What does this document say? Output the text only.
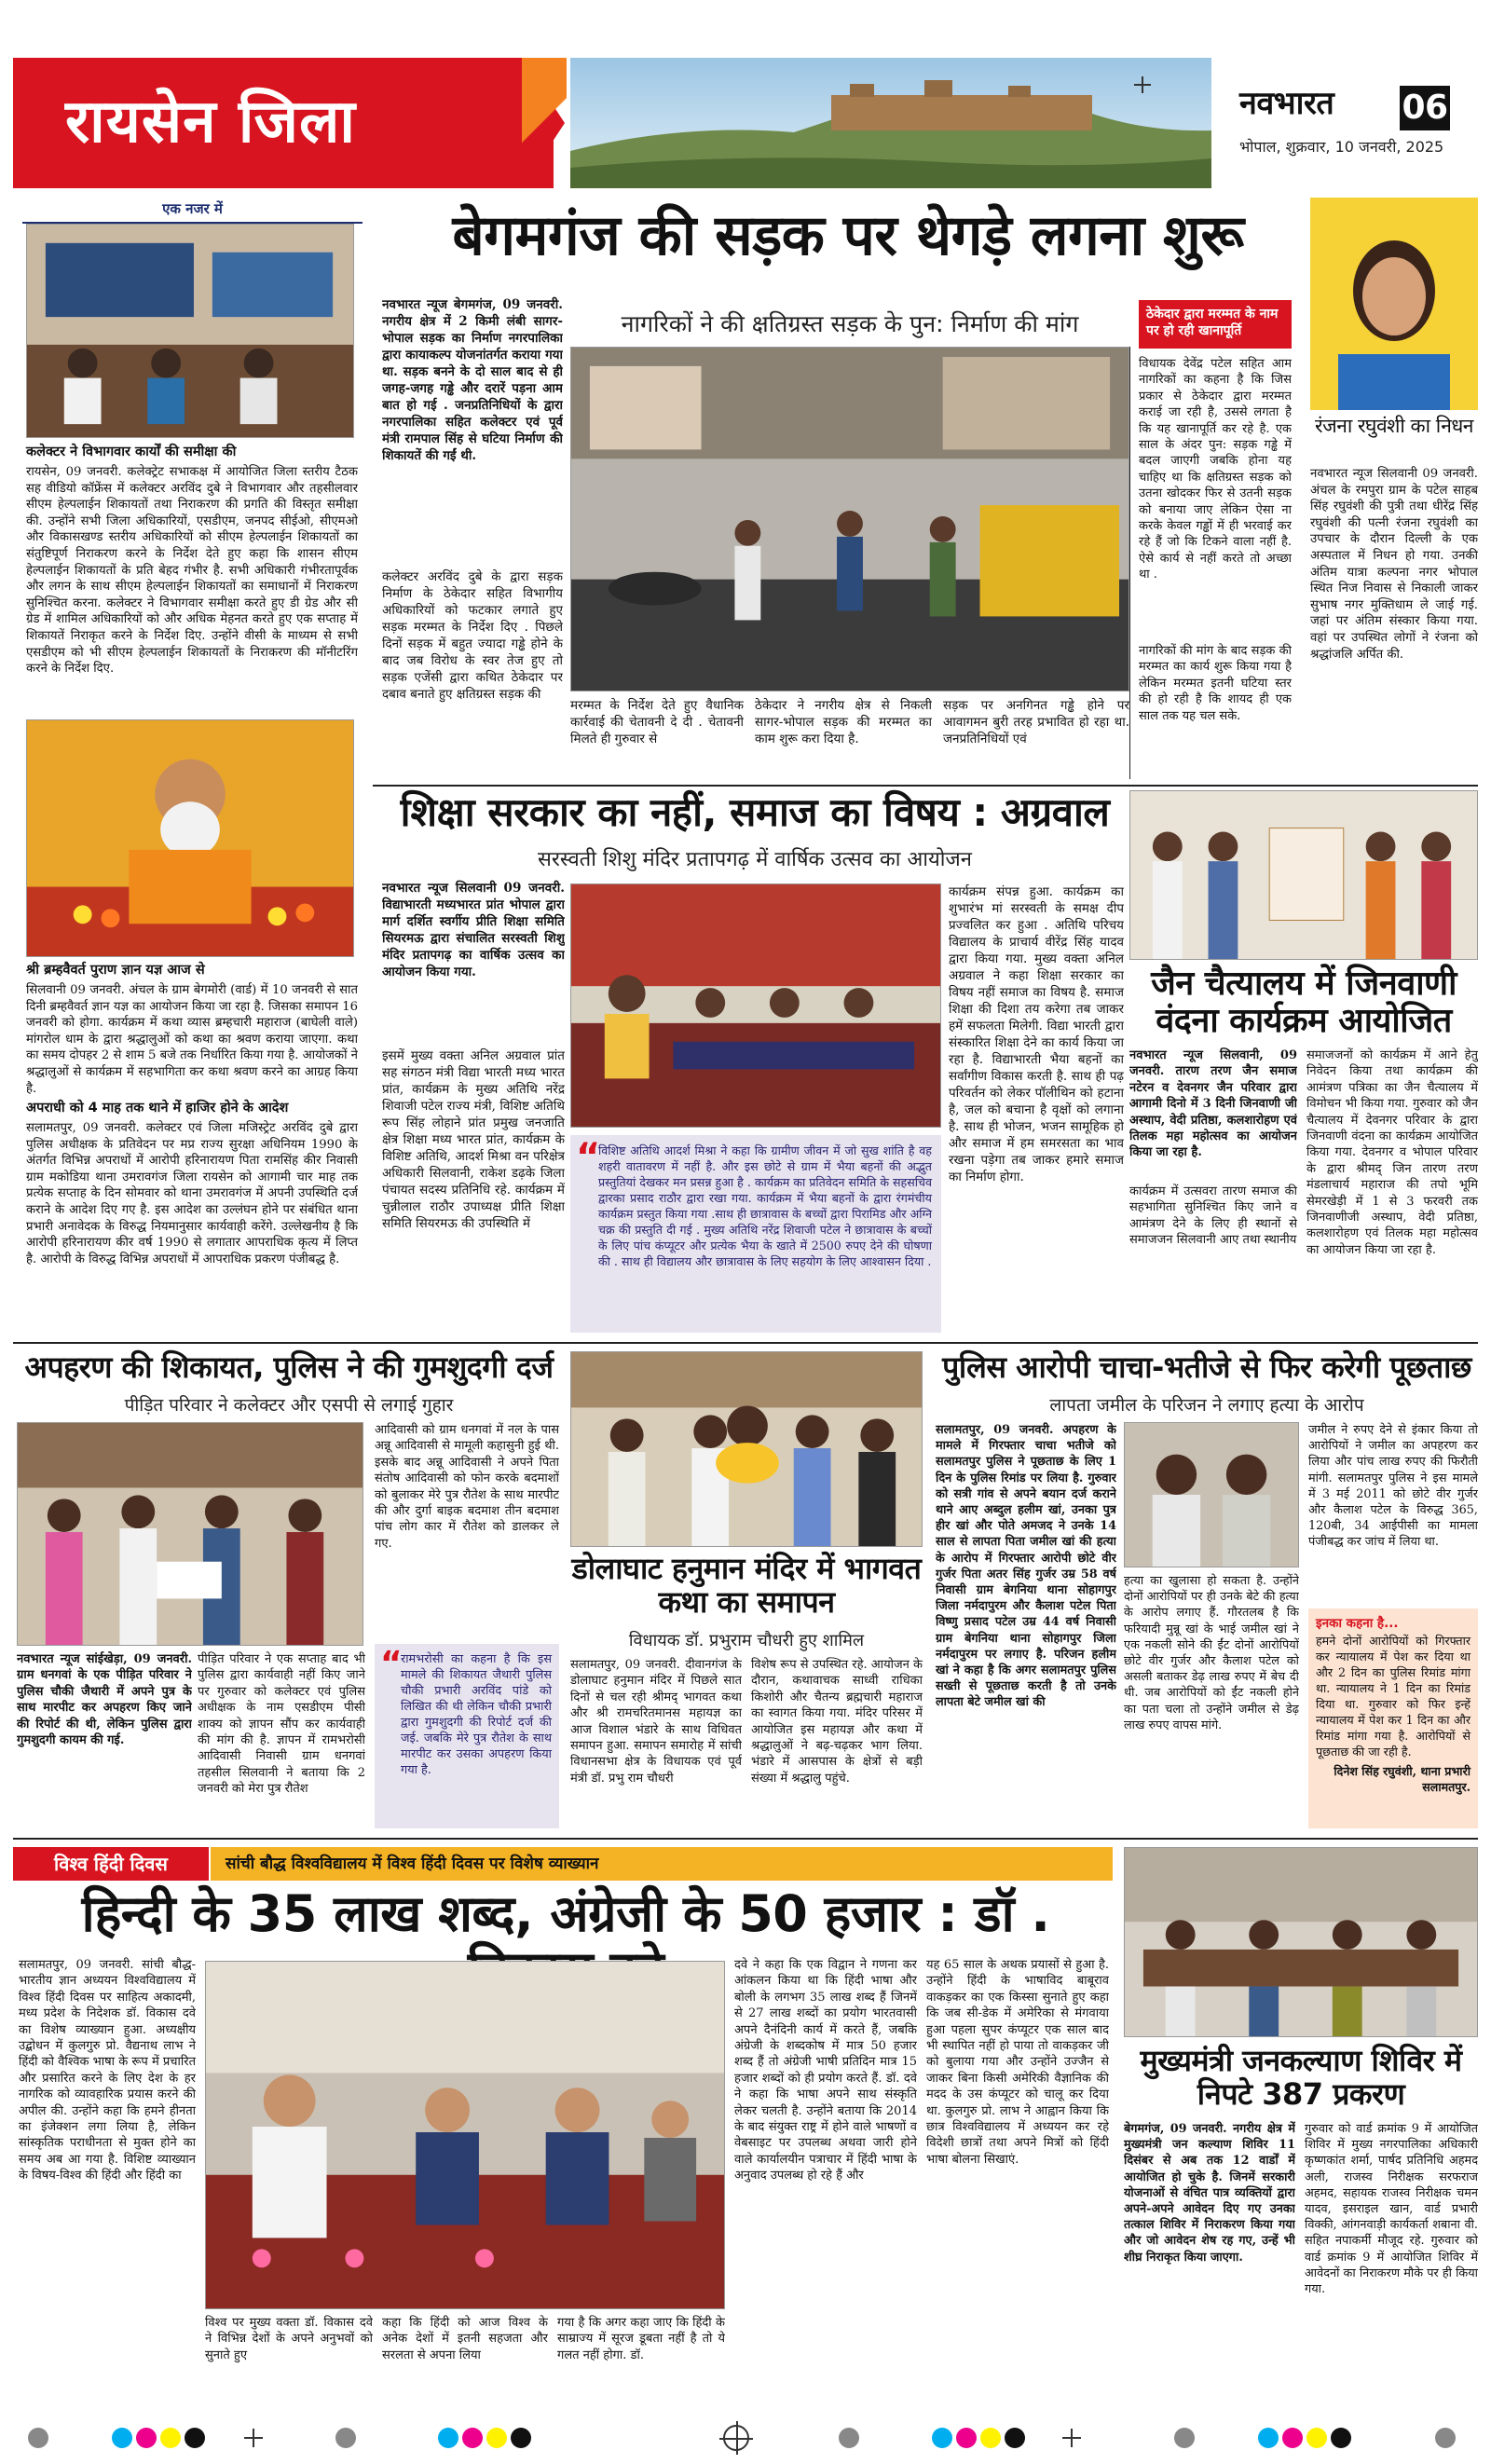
रायसेन जिला	नवभारत 06
भोपाल, शुक्रवार, 10 जनवरी, 2025
एक नजर में
कलेक्टर ने विभागवार कार्यों की समीक्षा की

रायसेन, 09 जनवरी. कलेक्ट्रेट सभाकक्ष में आयोजित जिला स्तरीय टैठक सह वीडियो कॉफ्रेंस में कलेक्टर अरविंद दुबे ने विभागवार और तहसीलवार सीएम हेल्पलाईन शिकायतों तथा निराकरण की प्रगति की विस्तृत समीक्षा की. उन्होंने सभी जिला अधिकारियों, एसडीएम, जनपद सीईओ, सीएमओ और विकासखण्ड स्तरीय अधिकारियों को सीएम हेल्पलाईन शिकायतों का संतुष्टिपूर्ण निराकरण करने के निर्देश देते हुए कहा कि शासन सीएम हेल्पलाईन शिकायतों के प्रति बेहद गंभीर है. सभी अधिकारी गंभीरतापूर्वक और लगन के साथ सीएम हेल्पलाईन शिकायतों का समाधानों में निराकरण सुनिश्चित करना. कलेक्टर ने विभागवार समीक्षा करते हुए डी ग्रेड और सी ग्रेड में शामिल अधिकारियों को और अधिक मेहनत करते हुए एक सप्ताह में शिकायतें निराकृत करने के निर्देश दिए. उन्होंने वीसी के माध्यम से सभी एसडीएम को भी सीएम हेल्पलाईन शिकायतों के निराकरण की मॉनीटरिंग करने के निर्देश दिए.

श्री ब्रम्हवैवर्त पुराण ज्ञान यज्ञ आज से

सिलवानी 09 जनवरी. अंचल के ग्राम बेगमोरी (वार्ड) में 10 जनवरी से सात दिनी ब्रम्हवैवर्त ज्ञान यज्ञ का आयोजन किया जा रहा है. जिसका समापन 16 जनवरी को होगा. कार्यक्रम में कथा व्यास ब्रम्हचारी महाराज (बाघेली वाले) मांगरोल धाम के द्वारा श्रद्धालुओं को कथा का श्रवण कराया जाएगा. कथा का समय दोपहर 2 से शाम 5 बजे तक निर्धारित किया गया है. आयोजकों ने श्रद्धालुओं से कार्यक्रम में सहभागिता कर कथा श्रवण करने का आग्रह किया है.

अपराधी को 4 माह तक थाने में हाजिर होने के आदेश

सलामतपुर, 09 जनवरी. कलेक्टर एवं जिला मजिस्ट्रेट अरविंद दुबे द्वारा पुलिस अधीक्षक के प्रतिवेदन पर मप्र राज्य सुरक्षा अधिनियम 1990 के अंतर्गत विभिन्न अपराधों में आरोपी हरिनारायण पिता रामसिंह कीर निवासी ग्राम मकोडिया थाना उमरावगंज जिला रायसेन को आगामी चार माह तक प्रत्येक सप्ताह के दिन सोमवार को थाना उमरावगंज में अपनी उपस्थिति दर्ज कराने के आदेश दिए गए है. इस आदेश का उल्लंघन होने पर संबंधित थाना प्रभारी अनावेदक के विरुद्ध नियमानुसार कार्यवाही करेंगे. उल्लेखनीय है कि आरोपी हरिनारायण कीर वर्ष 1990 से लगातार आपराधिक कृत्य में लिप्त है. आरोपी के विरुद्ध विभिन्न अपराधों में आपराधिक प्रकरण पंजीबद्ध है.

बेगमगंज की सड़क पर थेगड़े लगना शुरू

नवभारत न्यूज बेगमगंज, 09 जनवरी. नगरीय क्षेत्र में 2 किमी लंबी सागर-भोपाल सड़क का निर्माण नगरपालिका द्वारा कायाकल्प योजनांतर्गत कराया गया था. सड़क बनने के दो साल बाद से ही जगह-जगह गड्ढे और दरारें पड़ना आम बात हो गई . जनप्रतिनिधियों के द्वारा नगरपालिका सहित कलेक्टर एवं पूर्व मंत्री रामपाल सिंह से घटिया निर्माण की शिकायतें की गईं थी.

कलेक्टर अरविंद दुबे के द्वारा सड़क निर्माण के ठेकेदार सहित विभागीय अधिकारियों को फटकार लगाते हुए सड़क मरम्मत के निर्देश दिए . पिछले दिनों सड़क में बहुत ज्यादा गड्ढे होने के बाद जब विरोध के स्वर तेज हुए तो सड़क एजेंसी द्वारा कथित ठेकेदार पर दबाव बनाते हुए क्षतिग्रस्त सड़क की

नागरिकों ने की क्षतिग्रस्त सड़क के पुन: निर्माण की मांग

मरम्मत के निर्देश देते हुए वैधानिक कार्रवाई की चेतावनी दे दी . चेतावनी मिलते ही गुरुवार से

ठेकेदार ने नगरीय क्षेत्र से निकली सागर-भोपाल सड़क की मरम्मत का काम शुरू करा दिया है.

सड़क पर अनगिनत गड्ढे होने पर आवागमन बुरी तरह प्रभावित हो रहा था. जनप्रतिनिधियों एवं

ठेकेदार द्वारा मरम्मत के नाम पर हो रही खानापूर्ति

विधायक देवेंद्र पटेल सहित आम नागरिकों का कहना है कि जिस प्रकार से ठेकेदार द्वारा मरम्मत कराई जा रही है, उससे लगता है कि यह खानापूर्ति कर रहे है. एक साल के अंदर पुन: सड़क गड्ढे में बदल जाएगी जबकि होना यह चाहिए था कि क्षतिग्रस्त सड़क को उतना खोदकर फिर से उतनी सड़क को बनाया जाए लेकिन ऐसा ना करके केवल गड्ढों में ही भरवाई कर रहे हैं जो कि टिकने वाला नहीं है. ऐसे कार्य से नहीं करते तो अच्छा था .

नागरिकों की मांग के बाद सड़क की मरम्मत का कार्य शुरू किया गया है लेकिन मरम्मत इतनी घटिया स्तर की हो रही है कि शायद ही एक साल तक यह चल सके.

रंजना रघुवंशी का निधन

नवभारत न्यूज सिलवानी 09 जनवरी. अंचल के रमपुरा ग्राम के पटेल साहब सिंह रघुवंशी की पुत्री तथा धीरेंद्र सिंह रघुवंशी की पत्नी रंजना रघुवंशी का उपचार के दौरान दिल्ली के एक अस्पताल में निधन हो गया. उनकी अंतिम यात्रा कल्पना नगर भोपाल स्थित निज निवास से निकाली जाकर सुभाष नगर मुक्तिधाम ले जाई गई. जहां पर अंतिम संस्कार किया गया. वहां पर उपस्थित लोगों ने रंजना को श्रद्धांजलि अर्पित की.

शिक्षा सरकार का नहीं, समाज का विषय : अग्रवाल
सरस्वती शिशु मंदिर प्रतापगढ़ में वार्षिक उत्सव का आयोजन

नवभारत न्यूज सिलवानी 09 जनवरी. विद्याभारती मध्यभारत प्रांत भोपाल द्वारा मार्ग दर्शित स्वर्गीय प्रीति शिक्षा समिति सियरमऊ द्वारा संचालित सरस्वती शिशु मंदिर प्रतापगढ़ का वार्षिक उत्सव का आयोजन किया गया.

इसमें मुख्य वक्ता अनिल अग्रवाल प्रांत सह संगठन मंत्री विद्या भारती मध्य भारत प्रांत, कार्यक्रम के मुख्य अतिथि नरेंद्र शिवाजी पटेल राज्य मंत्री, विशिष्ट अतिथि रूप सिंह लोहाने प्रांत प्रमुख जनजाति क्षेत्र शिक्षा मध्य भारत प्रांत, कार्यक्रम के विशिष्ट अतिथि, आदर्श मिश्रा वन परिक्षेत्र अधिकारी सिलवानी, राकेश डढ़के जिला पंचायत सदस्य प्रतिनिधि रहे. कार्यक्रम में चुन्नीलाल राठौर उपाध्यक्ष प्रीति शिक्षा समिति सियरमऊ की उपस्थिति में

कार्यक्रम संपन्न हुआ. कार्यक्रम का शुभारंभ मां सरस्वती के समक्ष दीप प्रज्वलित कर हुआ . अतिथि परिचय विद्यालय के प्राचार्य वीरेंद्र सिंह यादव द्वारा किया गया. मुख्य वक्ता अनिल अग्रवाल ने कहा शिक्षा सरकार का विषय नहीं समाज का विषय है. समाज शिक्षा की दिशा तय करेगा तब जाकर हमें सफलता मिलेगी. विद्या भारती द्वारा संस्कारित शिक्षा देने का कार्य किया जा रहा है. विद्याभारती भैया बहनों का सर्वांगीण विकास करती है. साथ ही पढ़ परिवर्तन को लेकर पॉलीथिन को हटाना है, जल को बचाना है वृक्षों को लगाना है. साथ ही भोजन, भजन सामूहिक हो और समाज में हम समरसता का भाव रखना पड़ेगा तब जाकर हमारे समाज का निर्माण होगा.

“

विशिष्ट अतिथि आदर्श मिश्रा ने कहा कि ग्रामीण जीवन में जो सुख शांति है वह शहरी वातावरण में नहीं है. और इस छोटे से ग्राम में भैया बहनों की अद्भुत प्रस्तुतियां देखकर मन प्रसन्न हुआ है . कार्यक्रम का प्रतिवेदन समिति के सहसचिव द्वारका प्रसाद राठौर द्वारा रखा गया. कार्यक्रम में भैया बहनों के द्वारा रंगमंचीय कार्यक्रम प्रस्तुत किया गया .साथ ही छात्रावास के बच्चों द्वारा पिरामिड और अग्नि चक्र की प्रस्तुति दी गई . मुख्य अतिथि नरेंद्र शिवाजी पटेल ने छात्रावास के बच्चों के लिए पांच कंप्यूटर और प्रत्येक भैया के खाते में 2500 रुपए देने की घोषणा की . साथ ही विद्यालय और छात्रावास के लिए सहयोग के लिए आश्वासन दिया .

जैन चैत्यालय में जिनवाणी वंदना कार्यक्रम आयोजित

नवभारत न्यूज सिलवानी, 09 जनवरी. तारण तरण जैन समाज नटेरन व देवनगर जैन परिवार द्वारा आगामी दिनो में 3 दिनी जिनवाणी जी अस्थाप, वेदी प्रतिष्ठा, कलशारोहण एवं तिलक महा महोत्सव का आयोजन किया जा रहा है.

कार्यक्रम में उत्सवरा तारण समाज की सहभागिता सुनिश्चित किए जाने व आमंत्रण देने के लिए ही स्थानों से समाजजन सिलवानी आए तथा स्थानीय

समाजजनों को कार्यक्रम में आने हेतु निवेदन किया तथा कार्यक्रम की आमंत्रण पत्रिका का जैन चैत्यालय में विमोचन भी किया गया. गुरुवार को जैन चैत्यालय में देवनगर परिवार के द्वारा जिनवाणी वंदना का कार्यक्रम आयोजित किया गया. देवनगर व भोपाल परिवार के द्वारा श्रीमद् जिन तारण तरण मंडलाचार्य महाराज की तपो भूमि सेमरखेड़ी में 1 से 3 फरवरी तक जिनवाणीजी अस्थाप, वेदी प्रतिष्ठा, कलशारोहण एवं तिलक महा महोत्सव का आयोजन किया जा रहा है.

अपहरण की शिकायत, पुलिस ने की गुमशुदगी दर्ज
पीड़ित परिवार ने कलेक्टर और एसपी से लगाई गुहार

नवभारत न्यूज सांईखेड़ा, 09 जनवरी. ग्राम धनगवां के एक पीड़ित परिवार ने पुलिस चौकी जैथारी में अपने पुत्र के साथ मारपीट कर अपहरण किए जाने की रिपोर्ट की थी, लेकिन पुलिस द्वारा गुमशुदगी कायम की गई.

पीड़ित परिवार ने एक सप्ताह बाद भी पुलिस द्वारा कार्यवाही नहीं किए जाने पर गुरुवार को कलेक्टर एवं पुलिस अधीक्षक के नाम एसडीएम पीसी शाक्य को ज्ञापन सौंप कर कार्यवाही की मांग की है. ज्ञापन में रामभरोसी आदिवासी निवासी ग्राम धनगवां तहसील सिलवानी ने बताया कि 2 जनवरी को मेरा पुत्र रौतेश

आदिवासी को ग्राम धनगवां में नल के पास अन्नू आदिवासी से मामूली कहासुनी हुई थी. इसके बाद अन्नू आदिवासी ने अपने पिता संतोष आदिवासी को फोन करके बदमाशों को बुलाकर मेरे पुत्र रौतेश के साथ मारपीट की और दुर्गा बाइक बदमाश तीन बदमाश पांच लोग कार में रौतेश को डालकर ले गए.

“

रामभरोसी का कहना है कि इस मामले की शिकायत जैथारी पुलिस चौकी प्रभारी अरविंद पांडे को लिखित की थी लेकिन चौकी प्रभारी द्वारा गुमशुदगी की रिपोर्ट दर्ज की जई. जबकि मेरे पुत्र रौतेश के साथ मारपीट कर उसका अपहरण किया गया है.

डोलाघाट हनुमान मंदिर में भागवत कथा का समापन
विधायक डॉ. प्रभुराम चौधरी हुए शामिल

सलामतपुर, 09 जनवरी. दीवानगंज के डोलाघाट हनुमान मंदिर में पिछले सात दिनों से चल रही श्रीमद् भागवत कथा और श्री रामचरितमानस महायज्ञ का आज विशाल भंडारे के साथ विधिवत समापन हुआ. समापन समारोह में सांची विधानसभा क्षेत्र के विधायक एवं पूर्व मंत्री डॉ. प्रभु राम चौधरी

विशेष रूप से उपस्थित रहे. आयोजन के दौरान, कथावाचक साध्वी राधिका किशोरी और चैतन्य ब्रह्मचारी महाराज का स्वागत किया गया. मंदिर परिसर में आयोजित इस महायज्ञ और कथा में श्रद्धालुओं ने बढ़-चढ़कर भाग लिया. भंडारे में आसपास के क्षेत्रों से बड़ी संख्या में श्रद्धालु पहुंचे.

पुलिस आरोपी चाचा-भतीजे से फिर करेगी पूछताछ
लापता जमील के परिजन ने लगाए हत्या के आरोप

सलामतपुर, 09 जनवरी. अपहरण के मामले में गिरफ्तार चाचा भतीजे को सलामतपुर पुलिस ने पूछताछ के लिए 1 दिन के पुलिस रिमांड पर लिया है. गुरुवार को सत्री गांव से अपने बयान दर्ज कराने थाने आए अब्दुल हलीम खां, उनका पुत्र हीर खां और पोते अमजद ने उनके 14 साल से लापता पिता जमील खां की हत्या के आरोप में गिरफ्तार आरोपी छोटे वीर गुर्जर पिता अतर सिंह गुर्जर उम्र 58 वर्ष निवासी ग्राम बेगनिया थाना सोहागपुर जिला नर्मदापुरम और कैलाश पटेल पिता विष्णु प्रसाद पटेल उम्र 44 वर्ष निवासी ग्राम बेगनिया थाना सोहागपुर जिला नर्मदापुरम पर लगाए है. परिजन हलीम खां ने कहा है कि अगर सलामतपुर पुलिस सख्ती से पूछताछ करती है तो उनके लापता बेटे जमील खां की

हत्या का खुलासा हो सकता है. उन्होंने दोनों आरोपियों पर ही उनके बेटे की हत्या के आरोप लगाए हैं. गौरतलब है कि फरियादी मुन्नू खां के भाई जमील खां ने एक नकली सोने की ईंट दोनों आरोपियों छोटे वीर गुर्जर और कैलाश पटेल को असली बताकर डेढ़ लाख रुपए में बेच दी थी. जब आरोपियों को ईंट नकली होने का पता चला तो उन्होंने जमील से डेढ़ लाख रुपए वापस मांगे.

जमील ने रुपए देने से इंकार किया तो आरोपियों ने जमील का अपहरण कर लिया और पांच लाख रुपए की फिरौती मांगी. सलामतपुर पुलिस ने इस मामले में 3 मई 2011 को छोटे वीर गुर्जर और कैलाश पटेल के विरुद्ध 365, 120बी, 34 आईपीसी का मामला पंजीबद्ध कर जांच में लिया था.

इनका कहना है...

हमने दोनों आरोपियों को गिरफ्तार कर न्यायालय में पेश कर दिया था और 2 दिन का पुलिस रिमांड मांगा था. न्यायालय ने 1 दिन का रिमांड दिया था. गुरुवार को फिर इन्हें न्यायालय में पेश कर 1 दिन का और रिमांड मांगा गया है. आरोपियों से पूछताछ की जा रही है.

दिनेश सिंह रघुवंशी, थाना प्रभारी सलामतपुर.

विश्व हिंदी दिवस	सांची बौद्ध विश्वविद्यालय में विश्व हिंदी दिवस पर विशेष व्याख्यान
हिन्दी के 35 लाख शब्द, अंग्रेजी के 50 हजार : डॉ .

सलामतपुर, 09 जनवरी. सांची बौद्ध-भारतीय ज्ञान अध्ययन विश्वविद्यालय में विश्व हिंदी दिवस पर साहित्य अकादमी, मध्य प्रदेश के निदेशक डॉ. विकास दवे का विशेष व्याख्यान हुआ. अध्यक्षीय उद्बोधन में कुलगुरु प्रो. वैद्यनाथ लाभ ने हिंदी को वैश्विक भाषा के रूप में प्रचारित और प्रसारित करने के लिए देश के हर नागरिक को व्यावहारिक प्रयास करने की अपील की. उन्होंने कहा कि हमने हीनता का इंजेक्शन लगा लिया है, लेकिन सांस्कृतिक पराधीनता से मुक्त होने का समय अब आ गया है. विशिष्ट व्याख्यान के विषय-विश्व की हिंदी और हिंदी का

विश्व पर मुख्य वक्ता डॉ. विकास दवे ने विभिन्न देशों के अपने अनुभवों को सुनाते हुए

कहा कि हिंदी को आज विश्व के अनेक देशों में इतनी सहजता और सरलता से अपना लिया

गया है कि अगर कहा जाए कि हिंदी के साम्राज्य में सूरज डूबता नहीं है तो ये गलत नहीं होगा. डॉ.

दवे ने कहा कि एक विद्वान ने गणना कर आंकलन किया था कि हिंदी भाषा और बोली के लगभग 35 लाख शब्द हैं जिनमें से 27 लाख शब्दों का प्रयोग भारतवासी अपने दैनंदिनी कार्य में करते हैं, जबकि अंग्रेजी के शब्दकोष में मात्र 50 हजार शब्द हैं तो अंग्रेजी भाषी प्रतिदिन मात्र 15 हजार शब्दों को ही प्रयोग करते हैं. डॉ. दवे ने कहा कि भाषा अपने साथ संस्कृति लेकर चलती है. उन्होंने बताया कि 2014 के बाद संयुक्त राष्ट्र में होने वाले भाषणों व वेबसाइट पर उपलब्ध अथवा जारी होने वाले कार्यालयीन पत्राचार में हिंदी भाषा के अनुवाद उपलब्ध हो रहे हैं और

यह 65 साल के अथक प्रयासों से हुआ है. उन्होंने हिंदी के भाषाविद बाबूराव वाकड़कर का एक किस्सा सुनाते हुए कहा कि जब सी-डेक में अमेरिका से मंगवाया हुआ पहला सुपर कंप्यूटर एक साल बाद भी स्थापित नहीं हो पाया तो वाकड़कर जी को बुलाया गया और उन्होंने उज्जैन से जाकर बिना किसी अमेरिकी वैज्ञानिक की मदद के उस कंप्यूटर को चालू कर दिया था. कुलगुरु प्रो. लाभ ने आह्वान किया कि छात्र विश्वविद्यालय में अध्ययन कर रहे विदेशी छात्रों तथा अपने मित्रों को हिंदी भाषा बोलना सिखाएं.

मुख्यमंत्री जनकल्याण शिविर में निपटे 387 प्रकरण

बेगमगंज, 09 जनवरी. नगरीय क्षेत्र में मुख्यमंत्री जन कल्याण शिविर 11 दिसंबर से अब तक 12 वार्डों में आयोजित हो चुके है. जिनमें सरकारी योजनाओं से वंचित पात्र व्यक्तियों द्वारा अपने-अपने आवेदन दिए गए उनका तत्काल शिविर में निराकरण किया गया और जो आवेदन शेष रह गए, उन्हें भी शीघ्र निराकृत किया जाएगा.

गुरुवार को वार्ड क्रमांक 9 में आयोजित शिविर में मुख्य नगरपालिका अधिकारी कृष्णकांत शर्मा, पार्षद प्रतिनिधि अहमद अली, राजस्व निरीक्षक सरफराज अहमद, सहायक राजस्व निरीक्षक चमन यादव, इसराइल खान, वार्ड प्रभारी विक्की, आंगनवाड़ी कार्यकर्ता शबाना वी. सहित नपाकर्मी मौजूद रहे. गुरुवार को वार्ड क्रमांक 9 में आयोजित शिविर में आवेदनों का निराकरण मौके पर ही किया गया.
